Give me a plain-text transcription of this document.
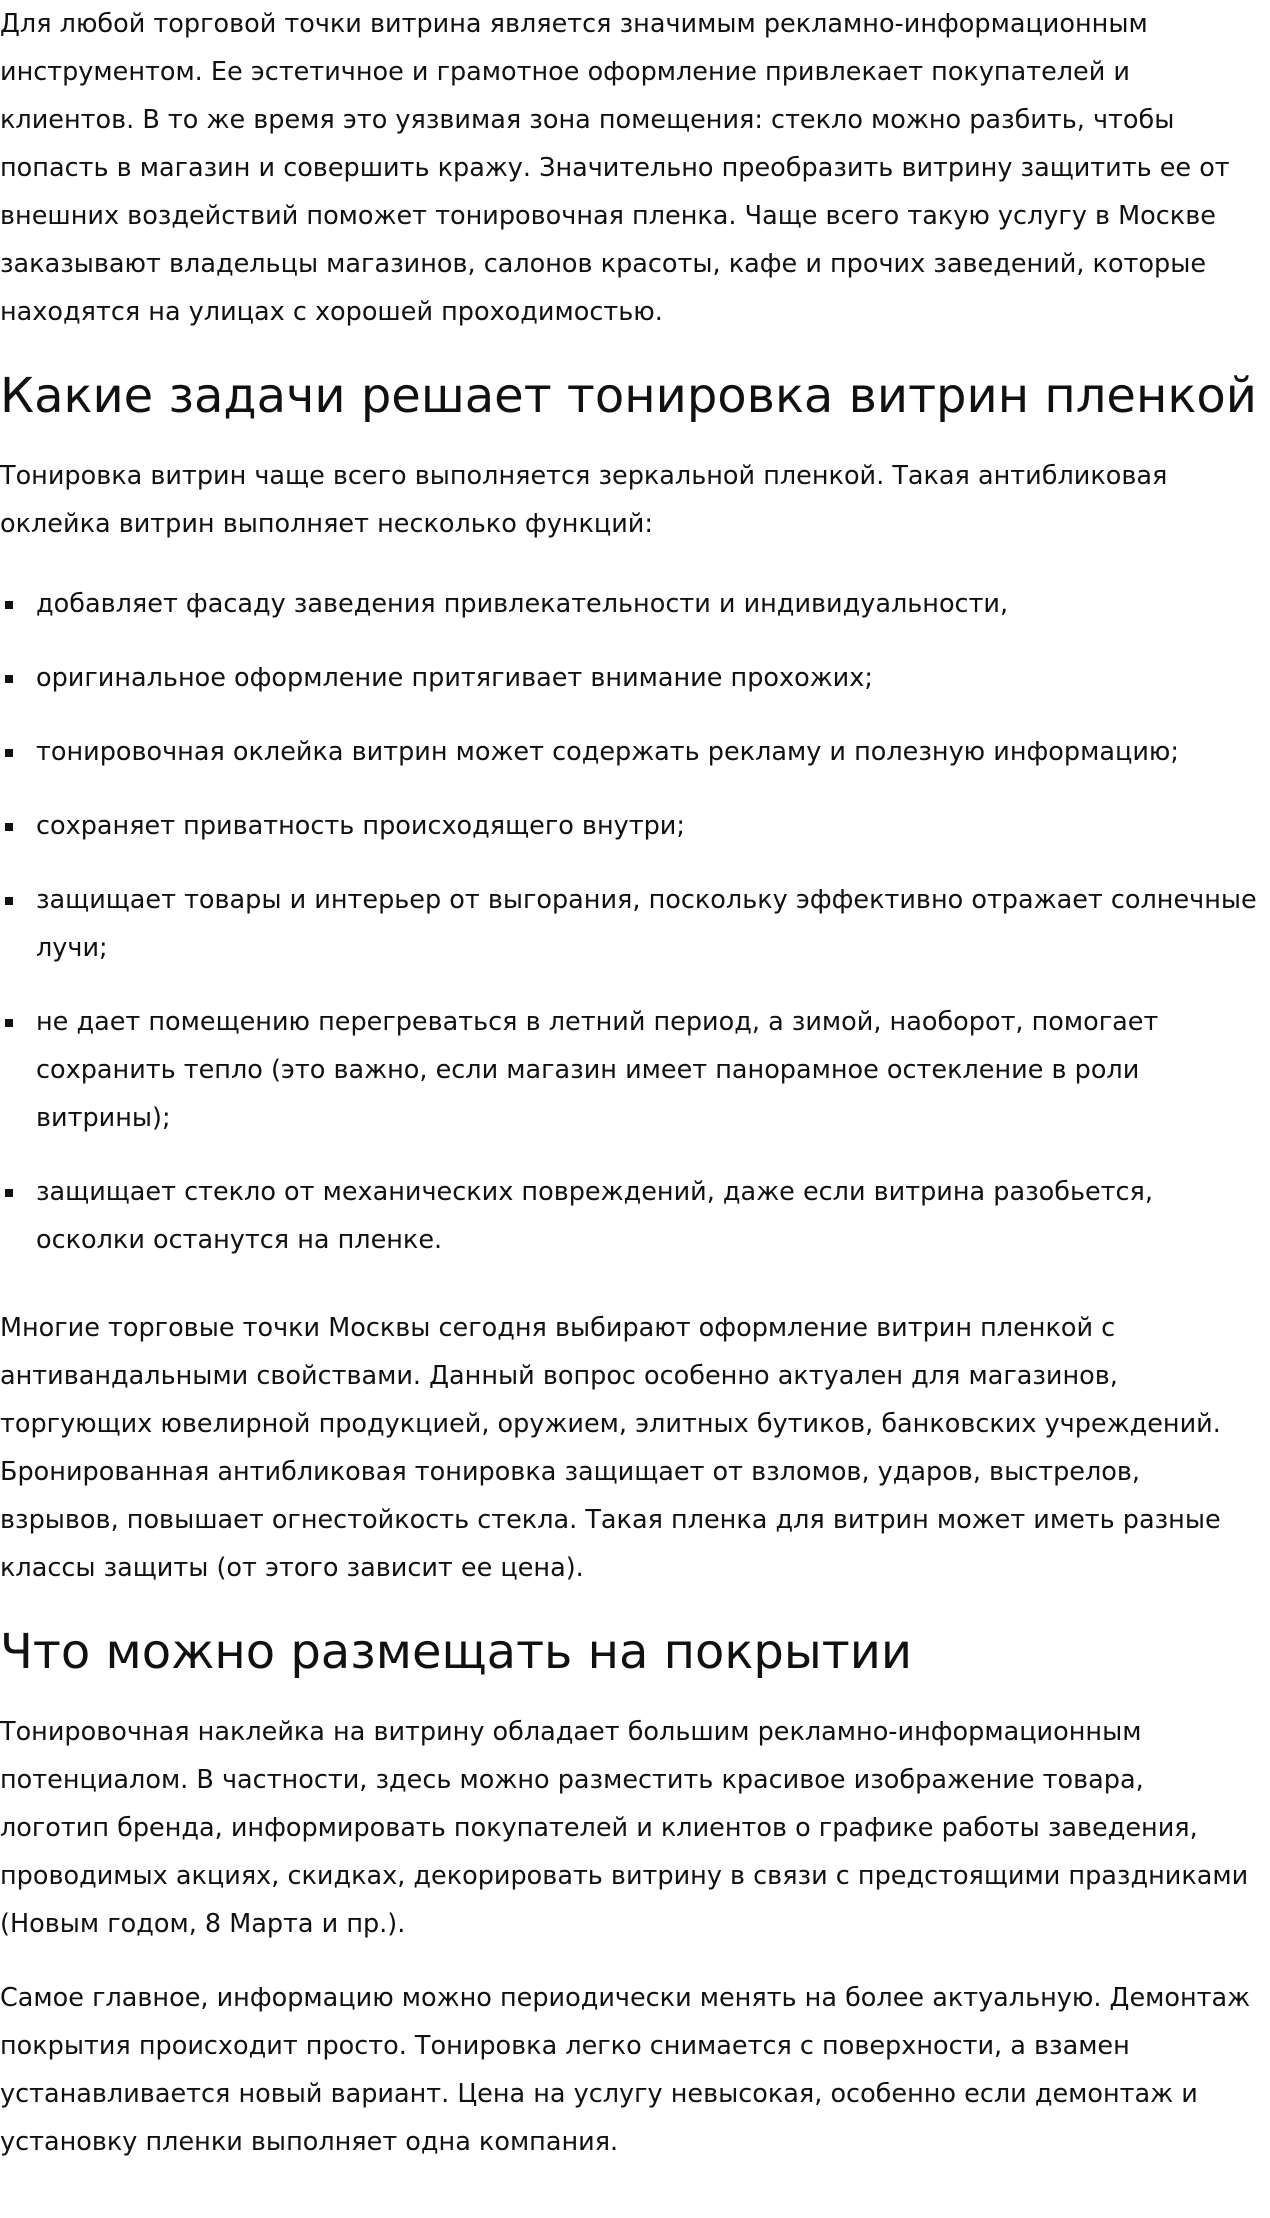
Для любой торговой точки витрина является значимым рекламно-информационным инструментом. Ее эстетичное и грамотное оформление привлекает покупателей и клиентов. В то же время это уязвимая зона помещения: стекло можно разбить, чтобы попасть в магазин и совершить кражу. Значительно преобразить витрину защитить ее от внешних воздействий поможет тонировочная пленка. Чаще всего такую услугу в Москве заказывают владельцы магазинов, салонов красоты, кафе и прочих заведений, которые находятся на улицах с хорошей проходимостью.

Какие задачи решает тонировка витрин пленкой

Тонировка витрин чаще всего выполняется зеркальной пленкой. Такая антибликовая оклейка витрин выполняет несколько функций:

добавляет фасаду заведения привлекательности и индивидуальности,
оригинальное оформление притягивает внимание прохожих;
тонировочная оклейка витрин может содержать рекламу и полезную информацию;
сохраняет приватность происходящего внутри;
защищает товары и интерьер от выгорания, поскольку эффективно отражает солнечные лучи;
не дает помещению перегреваться в летний период, а зимой, наоборот, помогает сохранить тепло (это важно, если магазин имеет панорамное остекление в роли витрины);
защищает стекло от механических повреждений, даже если витрина разобьется, осколки останутся на пленке.

Многие торговые точки Москвы сегодня выбирают оформление витрин пленкой с антивандальными свойствами. Данный вопрос особенно актуален для магазинов, торгующих ювелирной продукцией, оружием, элитных бутиков, банковских учреждений. Бронированная антибликовая тонировка защищает от взломов, ударов, выстрелов, взрывов, повышает огнестойкость стекла. Такая пленка для витрин может иметь разные классы защиты (от этого зависит ее цена).

Что можно размещать на покрытии

Тонировочная наклейка на витрину обладает большим рекламно-информационным потенциалом. В частности, здесь можно разместить красивое изображение товара, логотип бренда, информировать покупателей и клиентов о графике работы заведения, проводимых акциях, скидках, декорировать витрину в связи с предстоящими праздниками (Новым годом, 8 Марта и пр.).

Самое главное, информацию можно периодически менять на более актуальную. Демонтаж покрытия происходит просто. Тонировка легко снимается с поверхности, а взамен устанавливается новый вариант. Цена на услугу невысокая, особенно если демонтаж и установку пленки выполняет одна компания.
